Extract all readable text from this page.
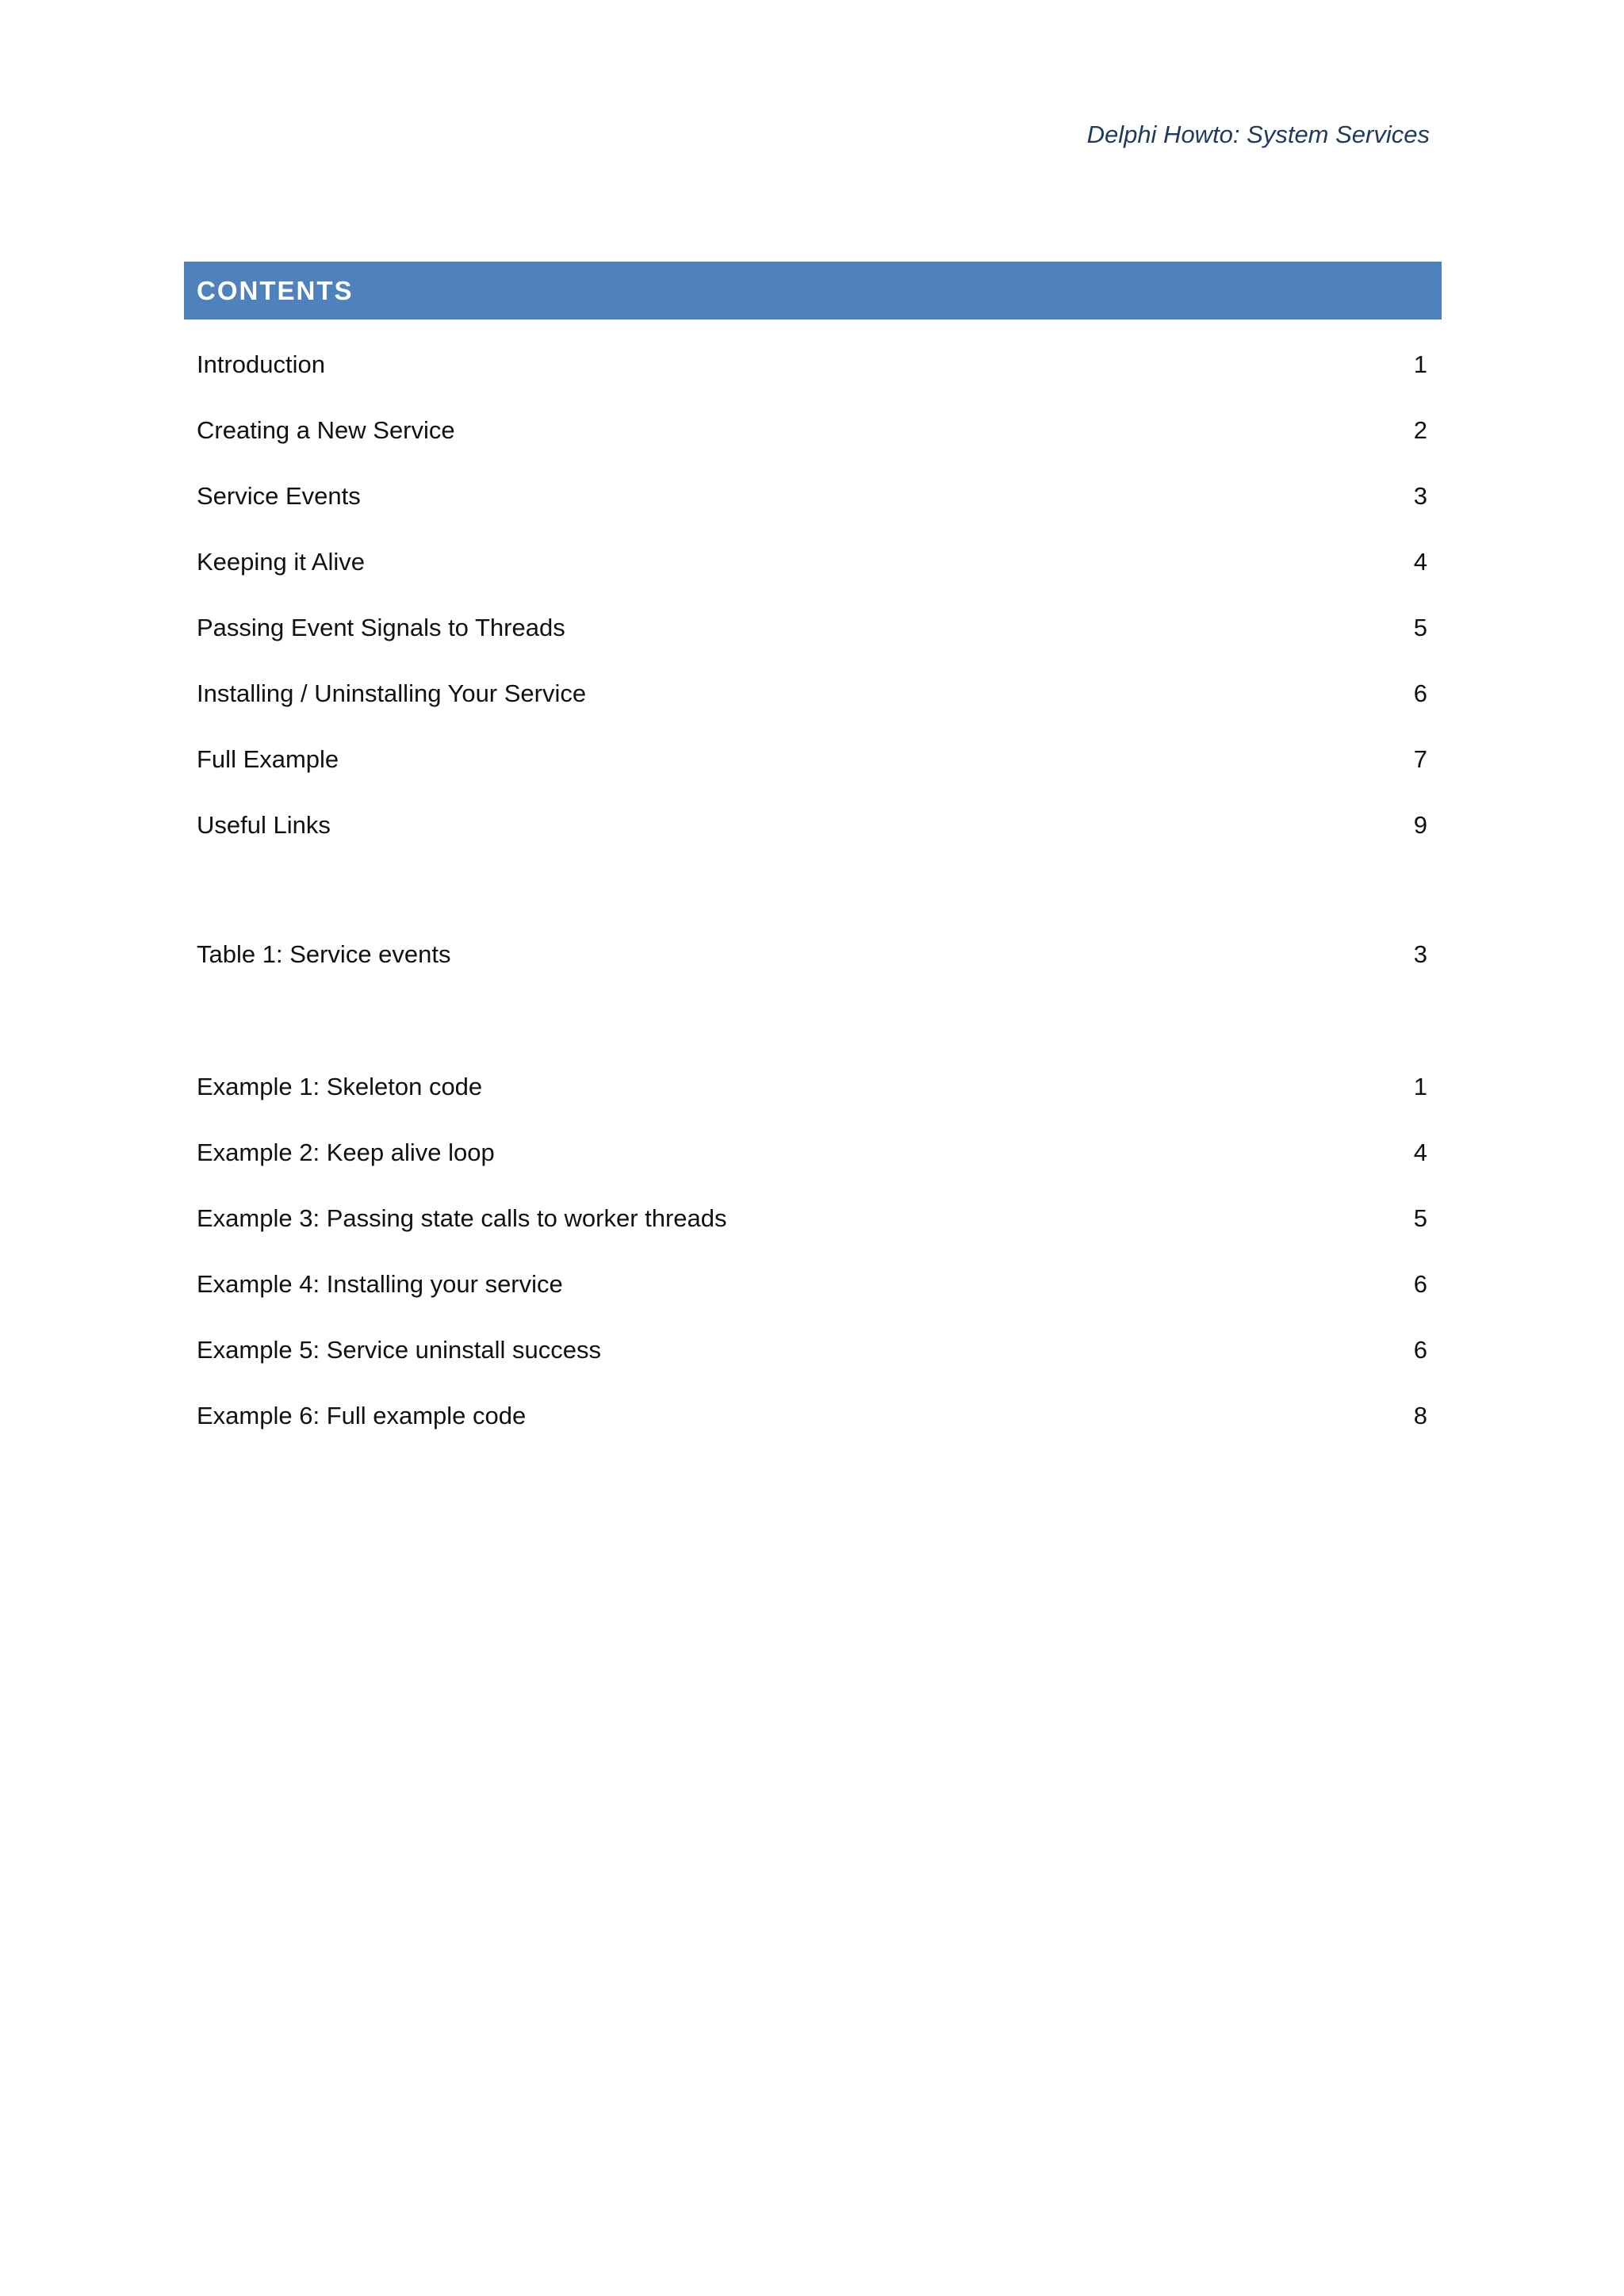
Delphi Howto: System Services
CONTENTS
Introduction	1
Creating a New Service	2
Service Events	3
Keeping it Alive	4
Passing Event Signals to Threads	5
Installing / Uninstalling Your Service	6
Full Example	7
Useful Links	9
Table 1: Service events	3
Example 1: Skeleton code	1
Example 2: Keep alive loop	4
Example 3: Passing state calls to worker threads	5
Example 4: Installing your service	6
Example 5: Service uninstall success	6
Example 6: Full example code	8
